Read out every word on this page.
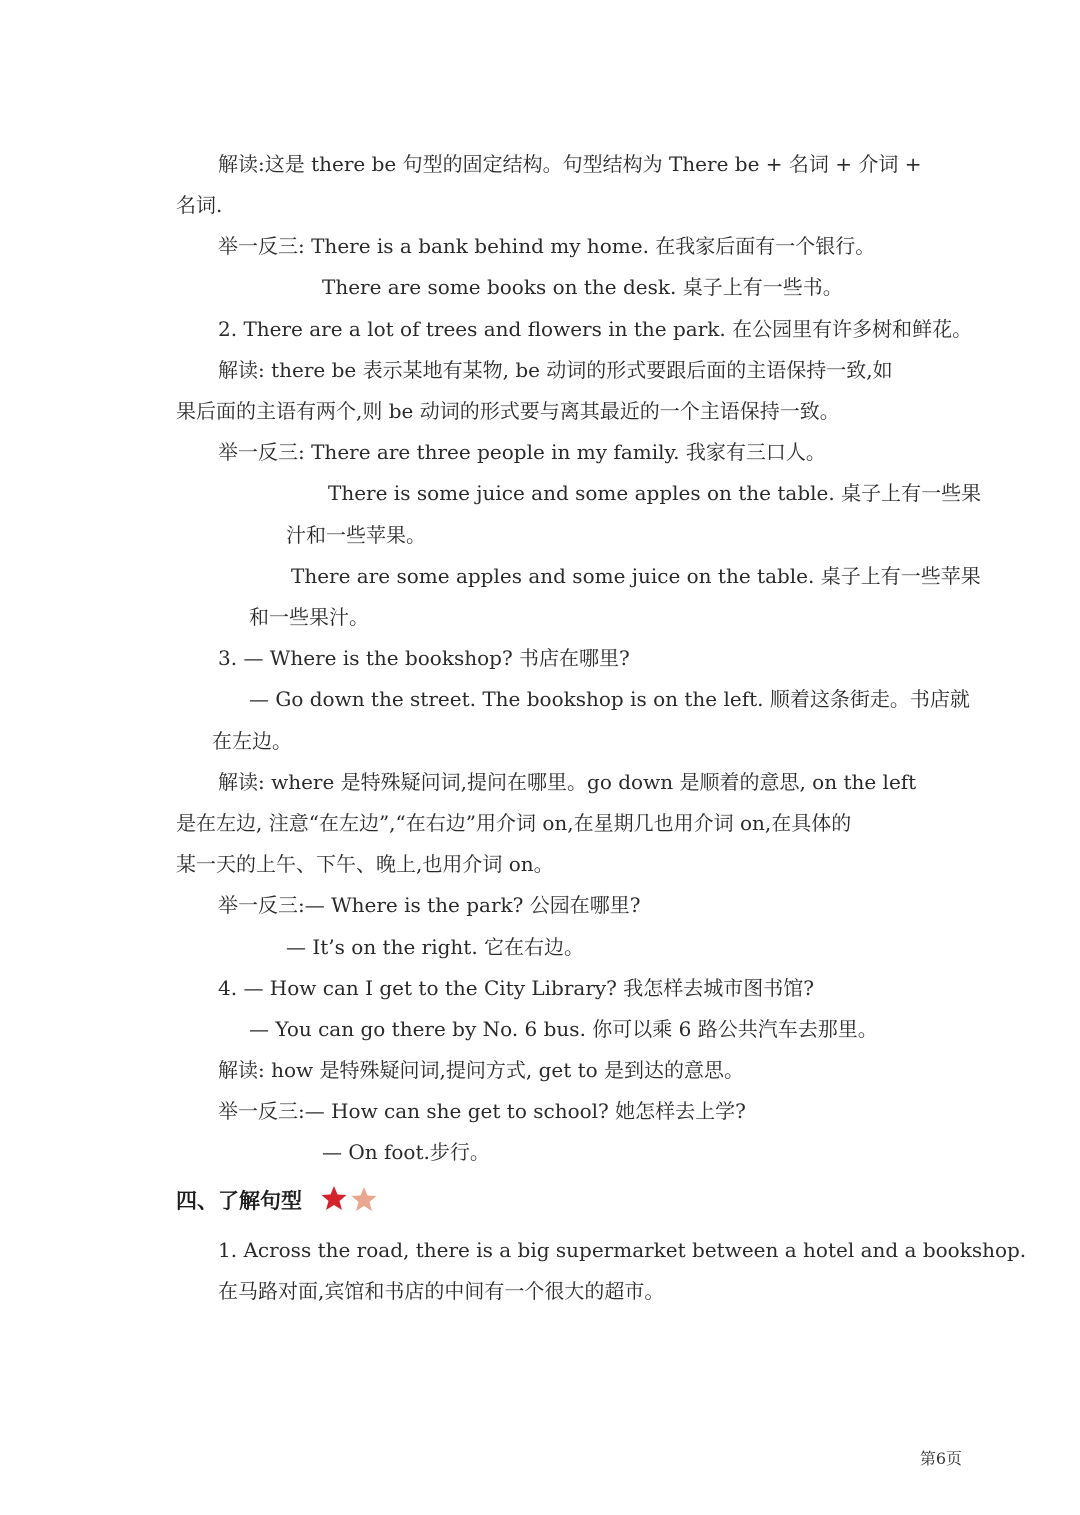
解读:这是 there be 句型的固定结构。句型结构为 There be + 名词 + 介词 +

名词.

举一反三: There is a bank behind my home. 在我家后面有一个银行。

There are some books on the desk. 桌子上有一些书。

2. There are a lot of trees and flowers in the park. 在公园里有许多树和鲜花。

解读: there be 表示某地有某物, be 动词的形式要跟后面的主语保持一致,如

果后面的主语有两个,则 be 动词的形式要与离其最近的一个主语保持一致。

举一反三: There are three people in my family. 我家有三口人。

There is some juice and some apples on the table. 桌子上有一些果

汁和一些苹果。

There are some apples and some juice on the table. 桌子上有一些苹果

和一些果汁。

3. — Where is the bookshop? 书店在哪里?

— Go down the street. The bookshop is on the left. 顺着这条街走。书店就

在左边。

解读: where 是特殊疑问词,提问在哪里。go down 是顺着的意思, on the left

是在左边, 注意“在左边”,“在右边”用介词 on,在星期几也用介词 on,在具体的

某一天的上午、下午、晚上,也用介词 on。

举一反三:— Where is the park? 公园在哪里?

— It’s on the right. 它在右边。

4. — How can I get to the City Library? 我怎样去城市图书馆?

— You can go there by No. 6 bus. 你可以乘 6 路公共汽车去那里。

解读: how 是特殊疑问词,提问方式, get to 是到达的意思。

举一反三:— How can she get to school? 她怎样去上学?

— On foot.步行。

四、了解句型

1. Across the road, there is a big supermarket between a hotel and a bookshop.

在马路对面,宾馆和书店的中间有一个很大的超市。

第6页
